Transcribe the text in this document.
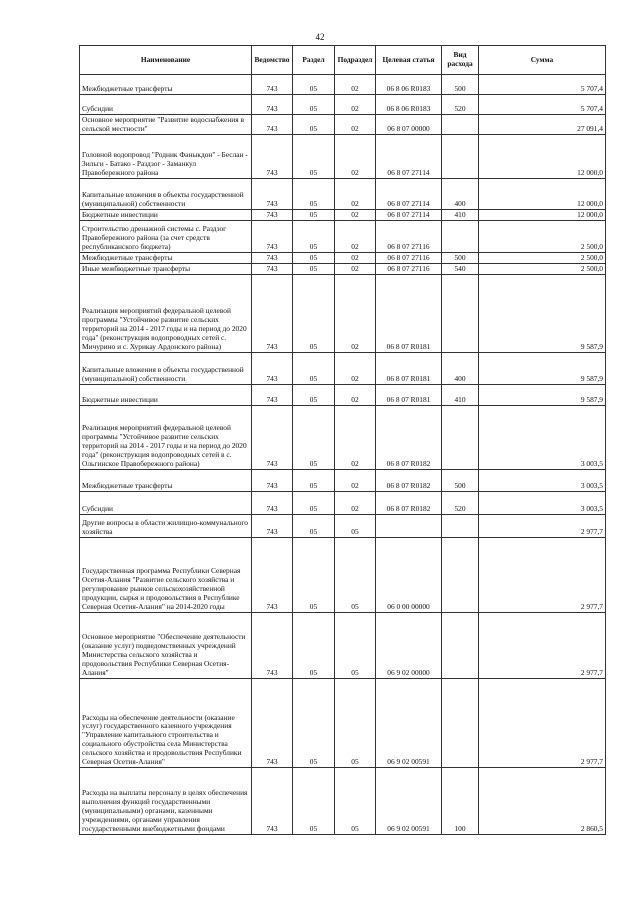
42
Наименование	Ведомство	Раздел	Подраздел	Целевая статья	Вид расхода	Сумма
Межбюджетные трансферты	743	05	02	06 8 06 R0183	500	5 707,4
Субсидии	743	05	02	06 8 06 R0183	520	5 707,4
Основное мероприятие "Развитие водоснабжения в сельской местности"	743	05	02	06 8 07 00000		27 091,4
Головной водопровод "Родник Фаныкдон" - Беслан - Зильги - Батако - Раздзог - Заманкул Правобережного района	743	05	02	06 8 07 27114		12 000,0
Капитальные вложения в объекты государственной (муниципальной) собственности	743	05	02	06 8 07 27114	400	12 000,0
Бюджетные инвестиции	743	05	02	06 8 07 27114	410	12 000,0
Строительство дренажной системы с. Раздзог Правобережного района (за счет средств республиканского бюджета)	743	05	02	06 8 07 27116		2 500,0
Межбюджетные трансферты	743	05	02	06 8 07 27116	500	2 500,0
Иные межбюджетные трансферты	743	05	02	06 8 07 27116	540	2 500,0
Реализация мероприятий федеральной целевой программы "Устойчивое развитие сельских территорий на 2014 - 2017 годы и на период до 2020 года" (реконструкция водопроводных сетей с. Мичурино и с. Хурикау Ардонского района)	743	05	02	06 8 07 R0181		9 587,9
Капитальные вложения в объекты государственной (муниципальной) собственности	743	05	02	06 8 07 R0181	400	9 587,9
Бюджетные инвестиции	743	05	02	06 8 07 R0181	410	9 587,9
Реализация мероприятий федеральной целевой программы "Устойчивое развитие сельских территорий на 2014 - 2017 годы и на период до 2020 года" (реконструкция водопроводных сетей в с. Ольгинское Правобережного района)	743	05	02	06 8 07 R0182		3 003,5
Межбюджетные трансферты	743	05	02	06 8 07 R0182	500	3 003,5
Субсидии	743	05	02	06 8 07 R0182	520	3 003,5
Другие вопросы в области жилищно-коммунального хозяйства	743	05	05			2 977,7
Государственная программа Республики Северная Осетия-Алания "Развитие сельского хозяйства и регулирование рынков сельскохозяйственной продукции, сырья и продовольствия в Республике Северная Осетия-Алания" на 2014-2020 годы	743	05	05	06 0 00 00000		2 977,7
Основное мероприятие "Обеспечение деятельности (оказание услуг) подведомственных учреждений Министерства сельского хозяйства и продовольствия Республики Северная Осетия-Алания"	743	05	05	06 9 02 00000		2 977,7
Расходы на обеспечение деятельности (оказание услуг) государственного казенного учреждения "Управление капитального строительства и социального обустройства села Министерства сельского хозяйства и продовольствия Республики Северная Осетия-Алания"	743	05	05	06 9 02 00591		2 977,7
Расходы на выплаты персоналу в целях обеспечения выполнения функций государственными (муниципальными) органами, казенными учреждениями, органами управления государственными внебюджетными фондами	743	05	05	06 9 02 00591	100	2 860,5
